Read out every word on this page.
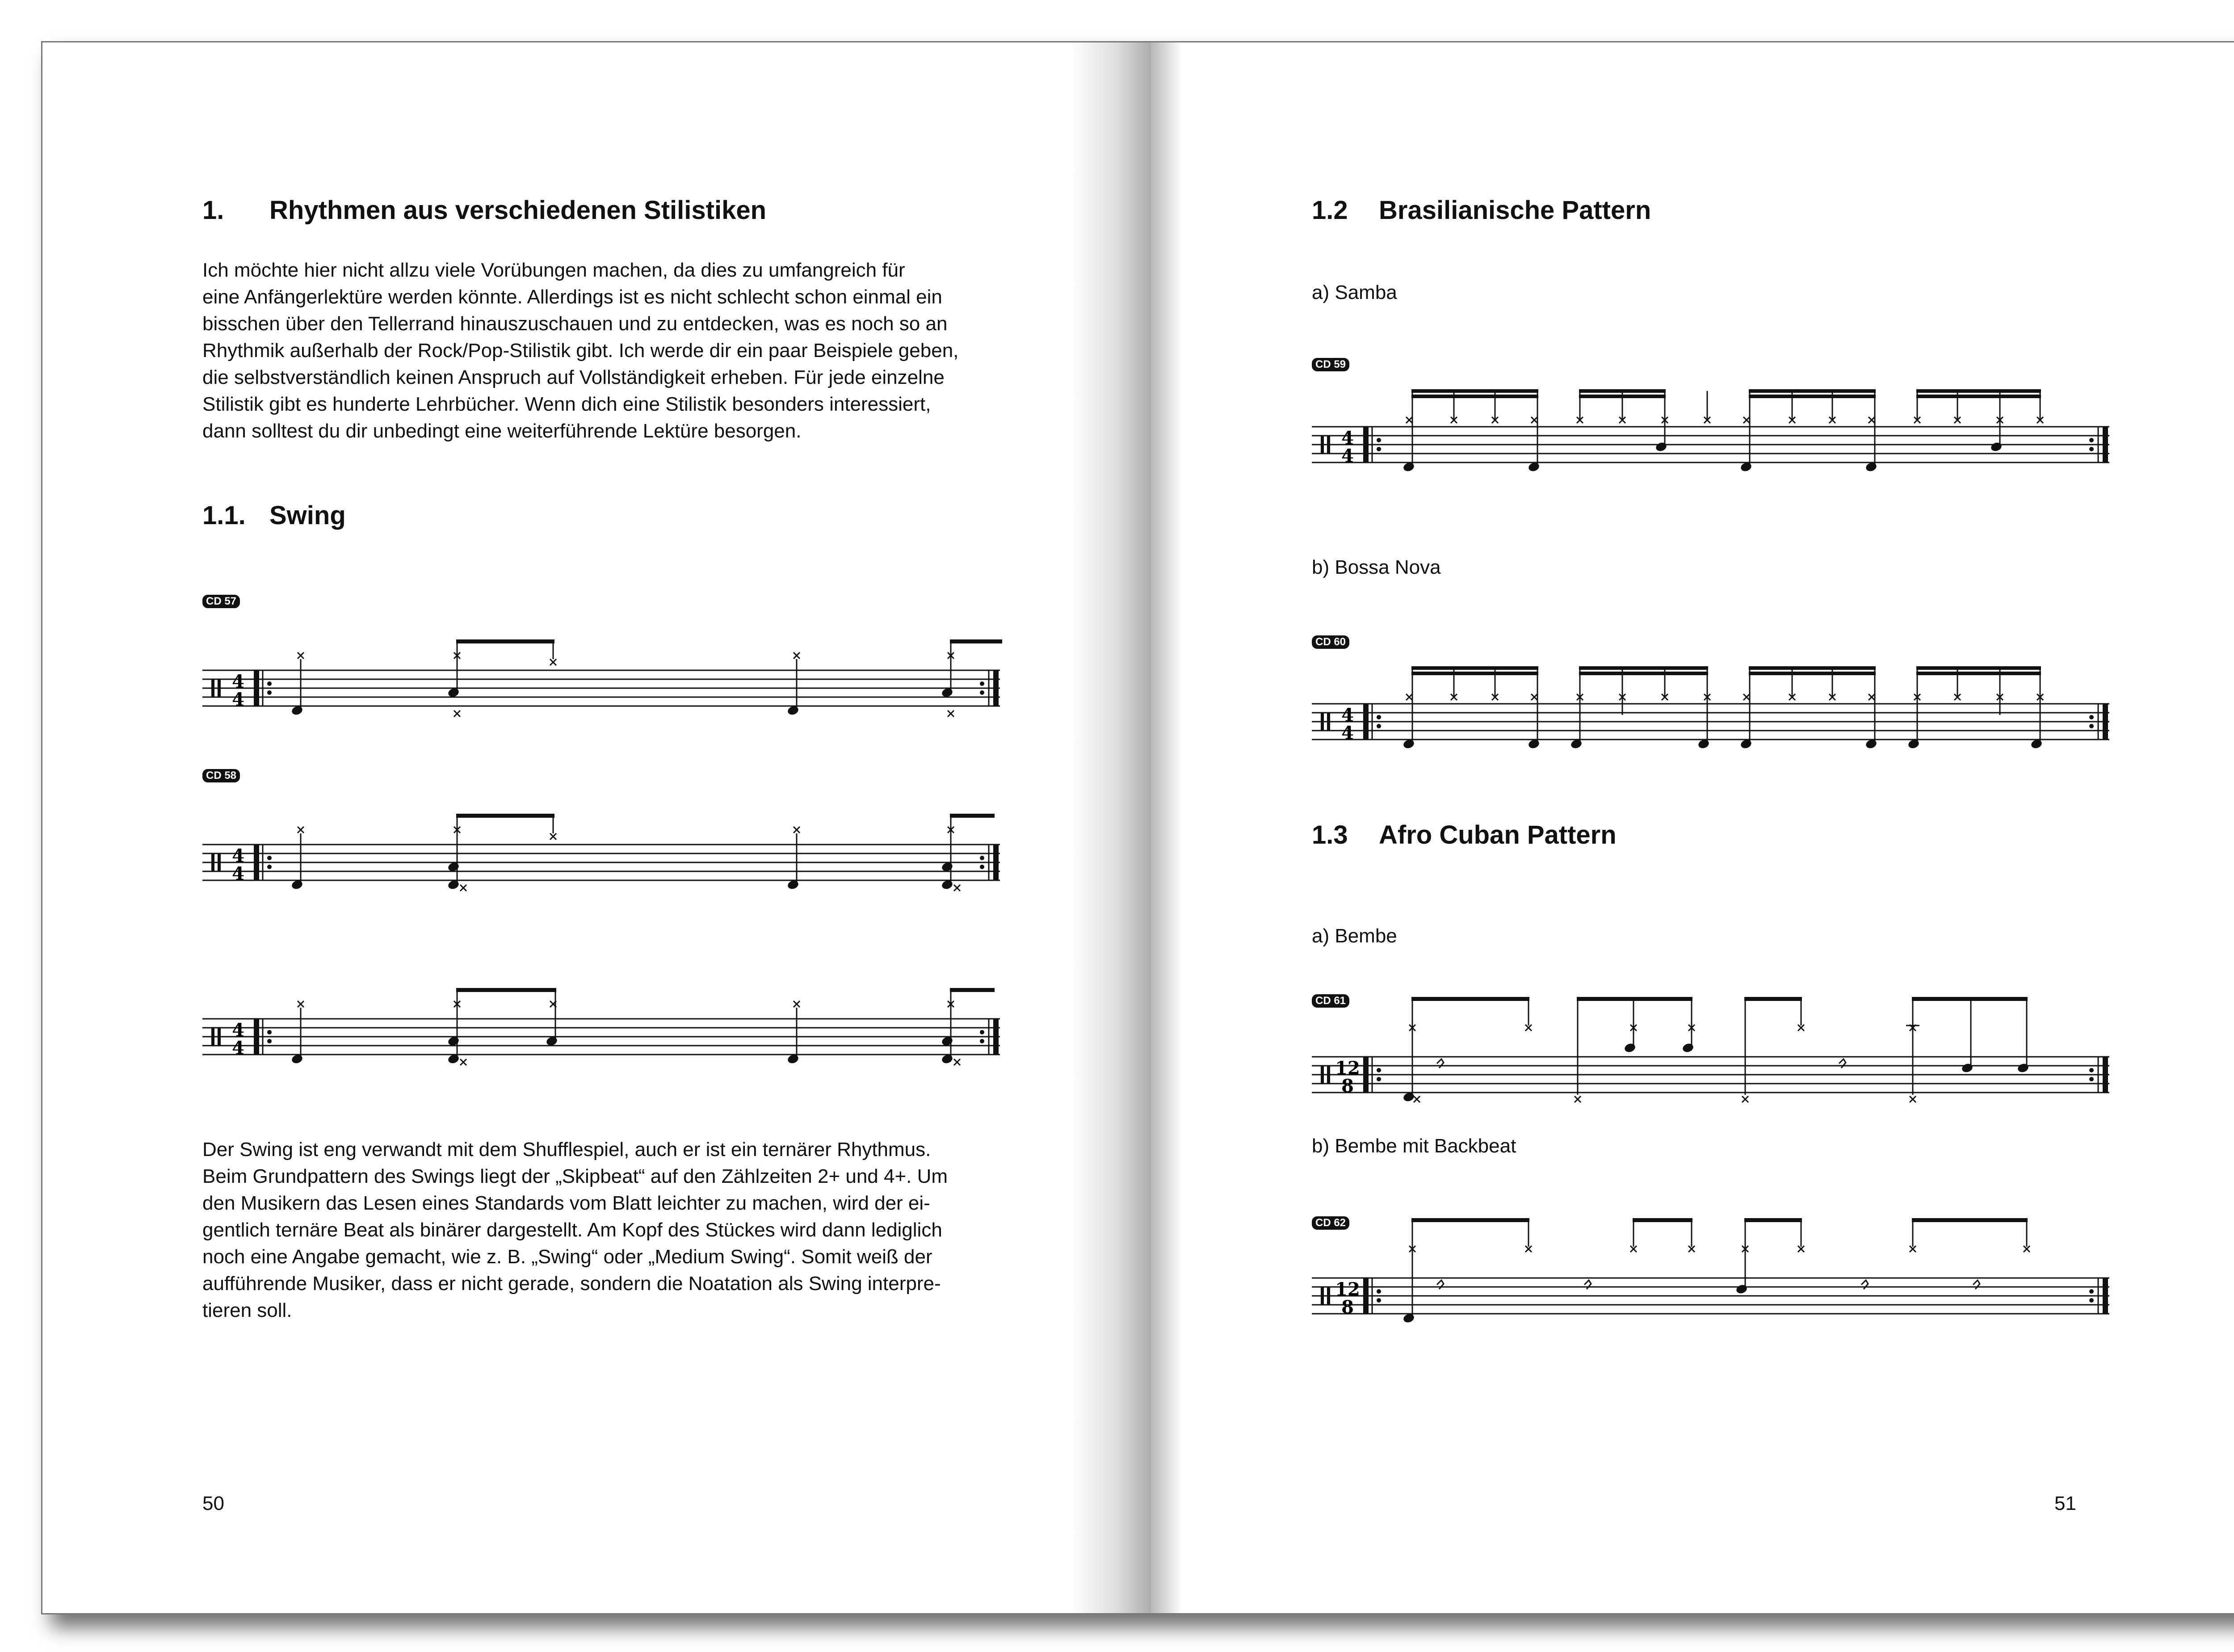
1. Rhythmen aus verschiedenen Stilistiken
Ich möchte hier nicht allzu viele Vorübungen machen, da dies zu umfangreich für
eine Anfängerlektüre werden könnte. Allerdings ist es nicht schlecht schon einmal ein
bisschen über den Tellerrand hinauszuschauen und zu entdecken, was es noch so an
Rhythmik außerhalb der Rock/Pop-Stilistik gibt. Ich werde dir ein paar Beispiele geben,
die selbstverständlich keinen Anspruch auf Vollständigkeit erheben. Für jede einzelne
Stilistik gibt es hunderte Lehrbücher. Wenn dich eine Stilistik besonders interessiert,
dann solltest du dir unbedingt eine weiterführende Lektüre besorgen.
1.1. Swing
CD 57
4
4
CD 58
4
4
4
4
Der Swing ist eng verwandt mit dem Shufflespiel, auch er ist ein ternärer Rhythmus.
Beim Grundpattern des Swings liegt der „Skipbeat“ auf den Zählzeiten 2+ und 4+. Um
den Musikern das Lesen eines Standards vom Blatt leichter zu machen, wird der ei-
gentlich ternäre Beat als binärer dargestellt. Am Kopf des Stückes wird dann lediglich
noch eine Angabe gemacht, wie z. B. „Swing“ oder „Medium Swing“. Somit weiß der
aufführende Musiker, dass er nicht gerade, sondern die Noatation als Swing interpre-
tieren soll.
50
1.2 Brasilianische Pattern
a) Samba
CD 59
4
4
b) Bossa Nova
CD 60
4
4
1.3 Afro Cuban Pattern
a) Bembe
CD 61
12
8
b) Bembe mit Backbeat
CD 62
12
8
51
